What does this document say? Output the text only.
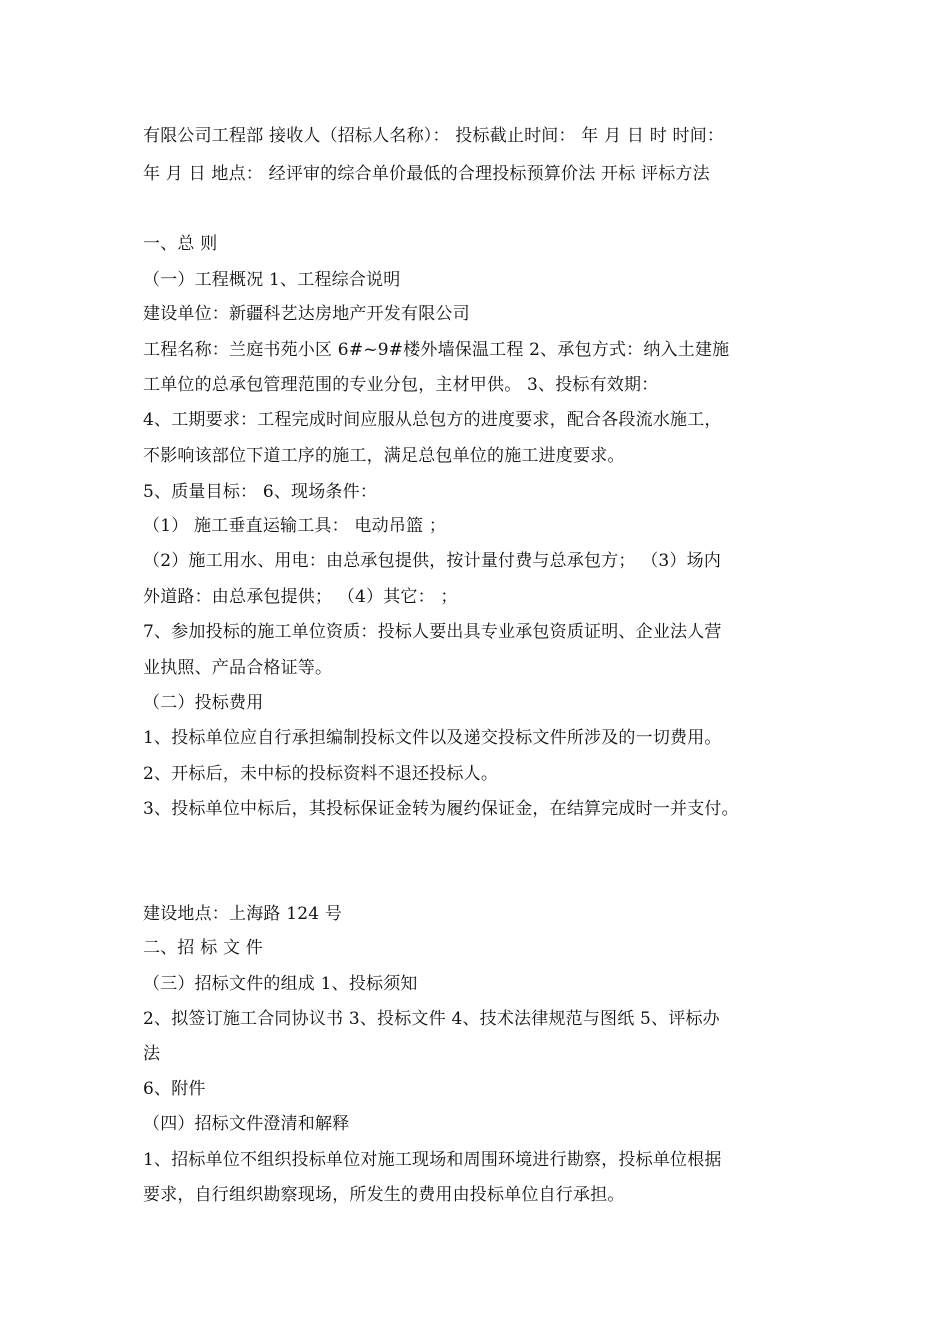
有限公司工程部 接收人（招标人名称）： 投标截止时间： 年 月 日 时 时间：
年 月 日 地点： 经评审的综合单价最低的合理投标预算价法 开标 评标方法
一、总 则
（一）工程概况 1、工程综合说明
建设单位：新疆科艺达房地产开发有限公司
工程名称：兰庭书苑小区 6#~9#楼外墙保温工程 2、承包方式：纳入土建施
工单位的总承包管理范围的专业分包，主材甲供。 3、投标有效期：
4、工期要求：工程完成时间应服从总包方的进度要求，配合各段流水施工，
不影响该部位下道工序的施工，满足总包单位的施工进度要求。
5、质量目标： 6、现场条件：
（1） 施工垂直运输工具： 电动吊篮 ；
（2）施工用水、用电：由总承包提供，按计量付费与总承包方； （3）场内
外道路：由总承包提供； （4）其它： ；
7、参加投标的施工单位资质：投标人要出具专业承包资质证明、企业法人营
业执照、产品合格证等。
（二）投标费用
1、投标单位应自行承担编制投标文件以及递交投标文件所涉及的一切费用。
2、开标后，未中标的投标资料不退还投标人。
3、投标单位中标后，其投标保证金转为履约保证金，在结算完成时一并支付。
建设地点：上海路 124 号
二、招 标 文 件
（三）招标文件的组成 1、投标须知
2、拟签订施工合同协议书 3、投标文件 4、技术法律规范与图纸 5、评标办
法
6、附件
（四）招标文件澄清和解释
1、招标单位不组织投标单位对施工现场和周围环境进行勘察，投标单位根据
要求，自行组织勘察现场，所发生的费用由投标单位自行承担。
